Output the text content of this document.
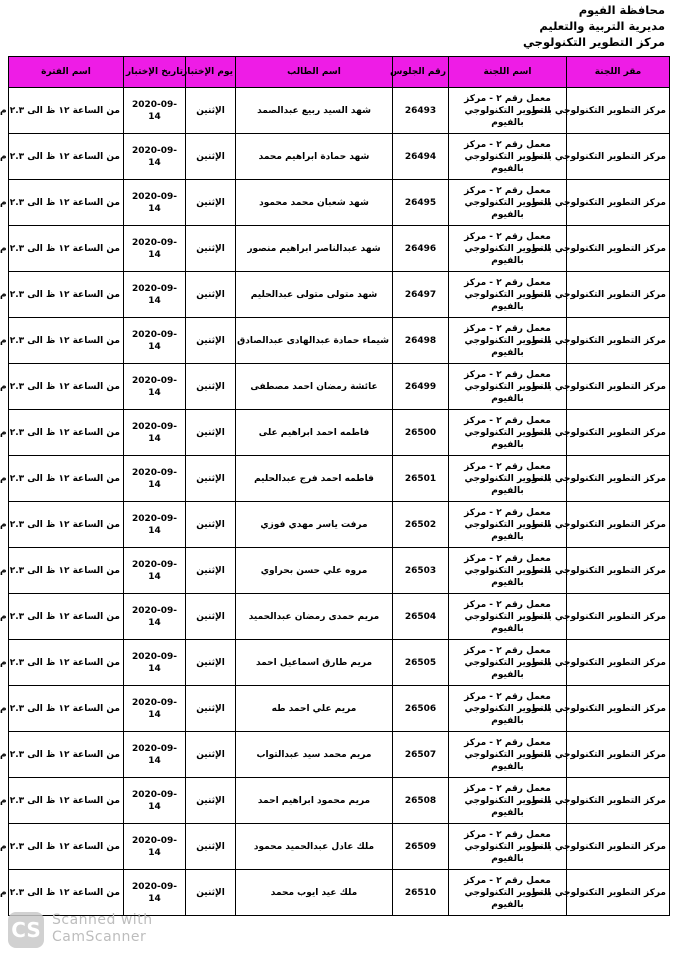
محافظة الفيوم
مديرية التربية والتعليم
مركز التطوير التكنولوجي
مقر اللجنة	اسم اللجنة	رقم الجلوس	اسم الطالب	يوم الإختبار	تاريخ الإختبار	اسم الفترة
مركز التطوير التكنولوجي بدمو	معمل رقم ٢ - مركز التطوير التكنولوجي بالفيوم	26493	شهد السيد ربيع عبدالصمد	الإثنين	2020-09-14	من الساعة ١٢ ظ الى ٢.٣ م
مركز التطوير التكنولوجي بدمو	معمل رقم ٢ - مركز التطوير التكنولوجي بالفيوم	26494	شهد حمادة ابراهيم محمد	الإثنين	2020-09-14	من الساعة ١٢ ظ الى ٢.٣ م
مركز التطوير التكنولوجي بدمو	معمل رقم ٢ - مركز التطوير التكنولوجي بالفيوم	26495	شهد شعبان محمد محمود	الإثنين	2020-09-14	من الساعة ١٢ ظ الى ٢.٣ م
مركز التطوير التكنولوجي بدمو	معمل رقم ٢ - مركز التطوير التكنولوجي بالفيوم	26496	شهد عبدالناصر ابراهيم منصور	الإثنين	2020-09-14	من الساعة ١٢ ظ الى ٢.٣ م
مركز التطوير التكنولوجي بدمو	معمل رقم ٢ - مركز التطوير التكنولوجي بالفيوم	26497	شهد متولى متولى عبدالحليم	الإثنين	2020-09-14	من الساعة ١٢ ظ الى ٢.٣ م
مركز التطوير التكنولوجي بدمو	معمل رقم ٢ - مركز التطوير التكنولوجي بالفيوم	26498	شيماء حمادة عبدالهادى عبدالصادق	الإثنين	2020-09-14	من الساعة ١٢ ظ الى ٢.٣ م
مركز التطوير التكنولوجي بدمو	معمل رقم ٢ - مركز التطوير التكنولوجي بالفيوم	26499	عائشة رمضان احمد مصطفى	الإثنين	2020-09-14	من الساعة ١٢ ظ الى ٢.٣ م
مركز التطوير التكنولوجي بدمو	معمل رقم ٢ - مركز التطوير التكنولوجي بالفيوم	26500	فاطمه احمد ابراهيم على	الإثنين	2020-09-14	من الساعة ١٢ ظ الى ٢.٣ م
مركز التطوير التكنولوجي بدمو	معمل رقم ٢ - مركز التطوير التكنولوجي بالفيوم	26501	فاطمه احمد فرج عبدالحليم	الإثنين	2020-09-14	من الساعة ١٢ ظ الى ٢.٣ م
مركز التطوير التكنولوجي بدمو	معمل رقم ٢ - مركز التطوير التكنولوجي بالفيوم	26502	مرفت ياسر مهدي فوزي	الإثنين	2020-09-14	من الساعة ١٢ ظ الى ٢.٣ م
مركز التطوير التكنولوجي بدمو	معمل رقم ٢ - مركز التطوير التكنولوجي بالفيوم	26503	مروه علي حسن بحراوي	الإثنين	2020-09-14	من الساعة ١٢ ظ الى ٢.٣ م
مركز التطوير التكنولوجي بدمو	معمل رقم ٢ - مركز التطوير التكنولوجي بالفيوم	26504	مريم حمدى رمضان عبدالحميد	الإثنين	2020-09-14	من الساعة ١٢ ظ الى ٢.٣ م
مركز التطوير التكنولوجي بدمو	معمل رقم ٢ - مركز التطوير التكنولوجي بالفيوم	26505	مريم طارق اسماعيل احمد	الإثنين	2020-09-14	من الساعة ١٢ ظ الى ٢.٣ م
مركز التطوير التكنولوجي بدمو	معمل رقم ٢ - مركز التطوير التكنولوجي بالفيوم	26506	مريم علي احمد طه	الإثنين	2020-09-14	من الساعة ١٢ ظ الى ٢.٣ م
مركز التطوير التكنولوجي بدمو	معمل رقم ٢ - مركز التطوير التكنولوجي بالفيوم	26507	مريم محمد سيد عبدالتواب	الإثنين	2020-09-14	من الساعة ١٢ ظ الى ٢.٣ م
مركز التطوير التكنولوجي بدمو	معمل رقم ٢ - مركز التطوير التكنولوجي بالفيوم	26508	مريم محمود ابراهيم احمد	الإثنين	2020-09-14	من الساعة ١٢ ظ الى ٢.٣ م
مركز التطوير التكنولوجي بدمو	معمل رقم ٢ - مركز التطوير التكنولوجي بالفيوم	26509	ملك عادل عبدالحميد محمود	الإثنين	2020-09-14	من الساعة ١٢ ظ الى ٢.٣ م
مركز التطوير التكنولوجي بدمو	معمل رقم ٢ - مركز التطوير التكنولوجي بالفيوم	26510	ملك عيد ايوب محمد	الإثنين	2020-09-14	من الساعة ١٢ ظ الى ٢.٣ م
CS Scanned with
CamScanner
